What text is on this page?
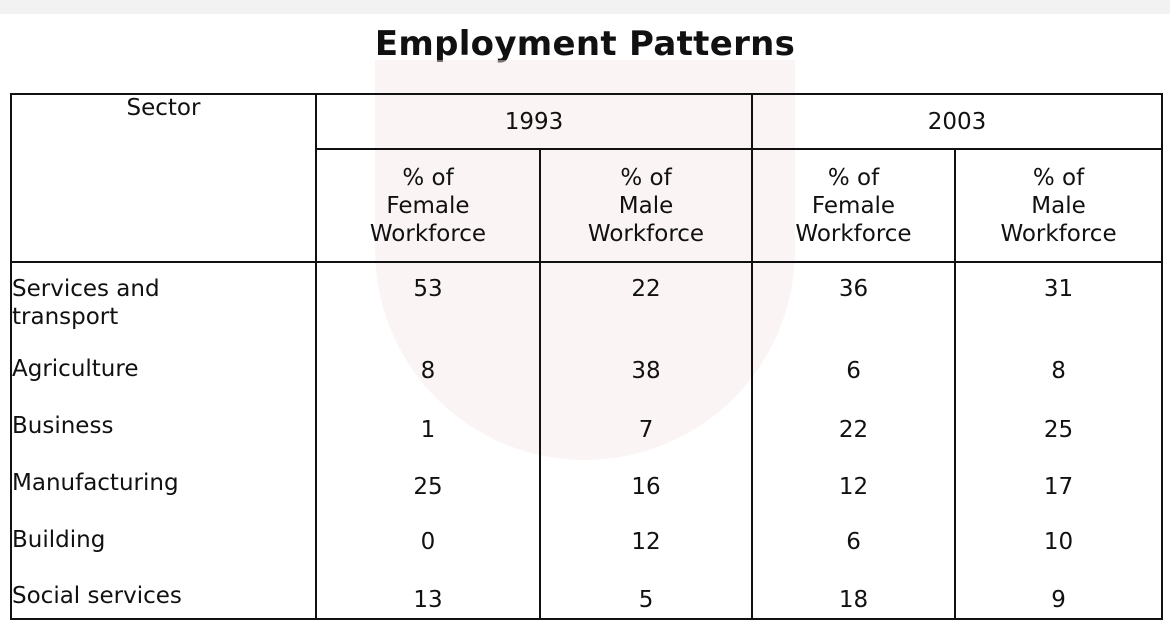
Employment Patterns
Sector	1993		2003	

	% of
Female
Workforce	% of
Male
Workforce	% of
Female
Workforce	% of
Male
Workforce

Services and
transport	53	22	36	31
Agriculture	8	38	6	8
Business	1	7	22	25
Manufacturing	25	16	12	17
Building	0	12	6	10
Social services	13	5	18	9
